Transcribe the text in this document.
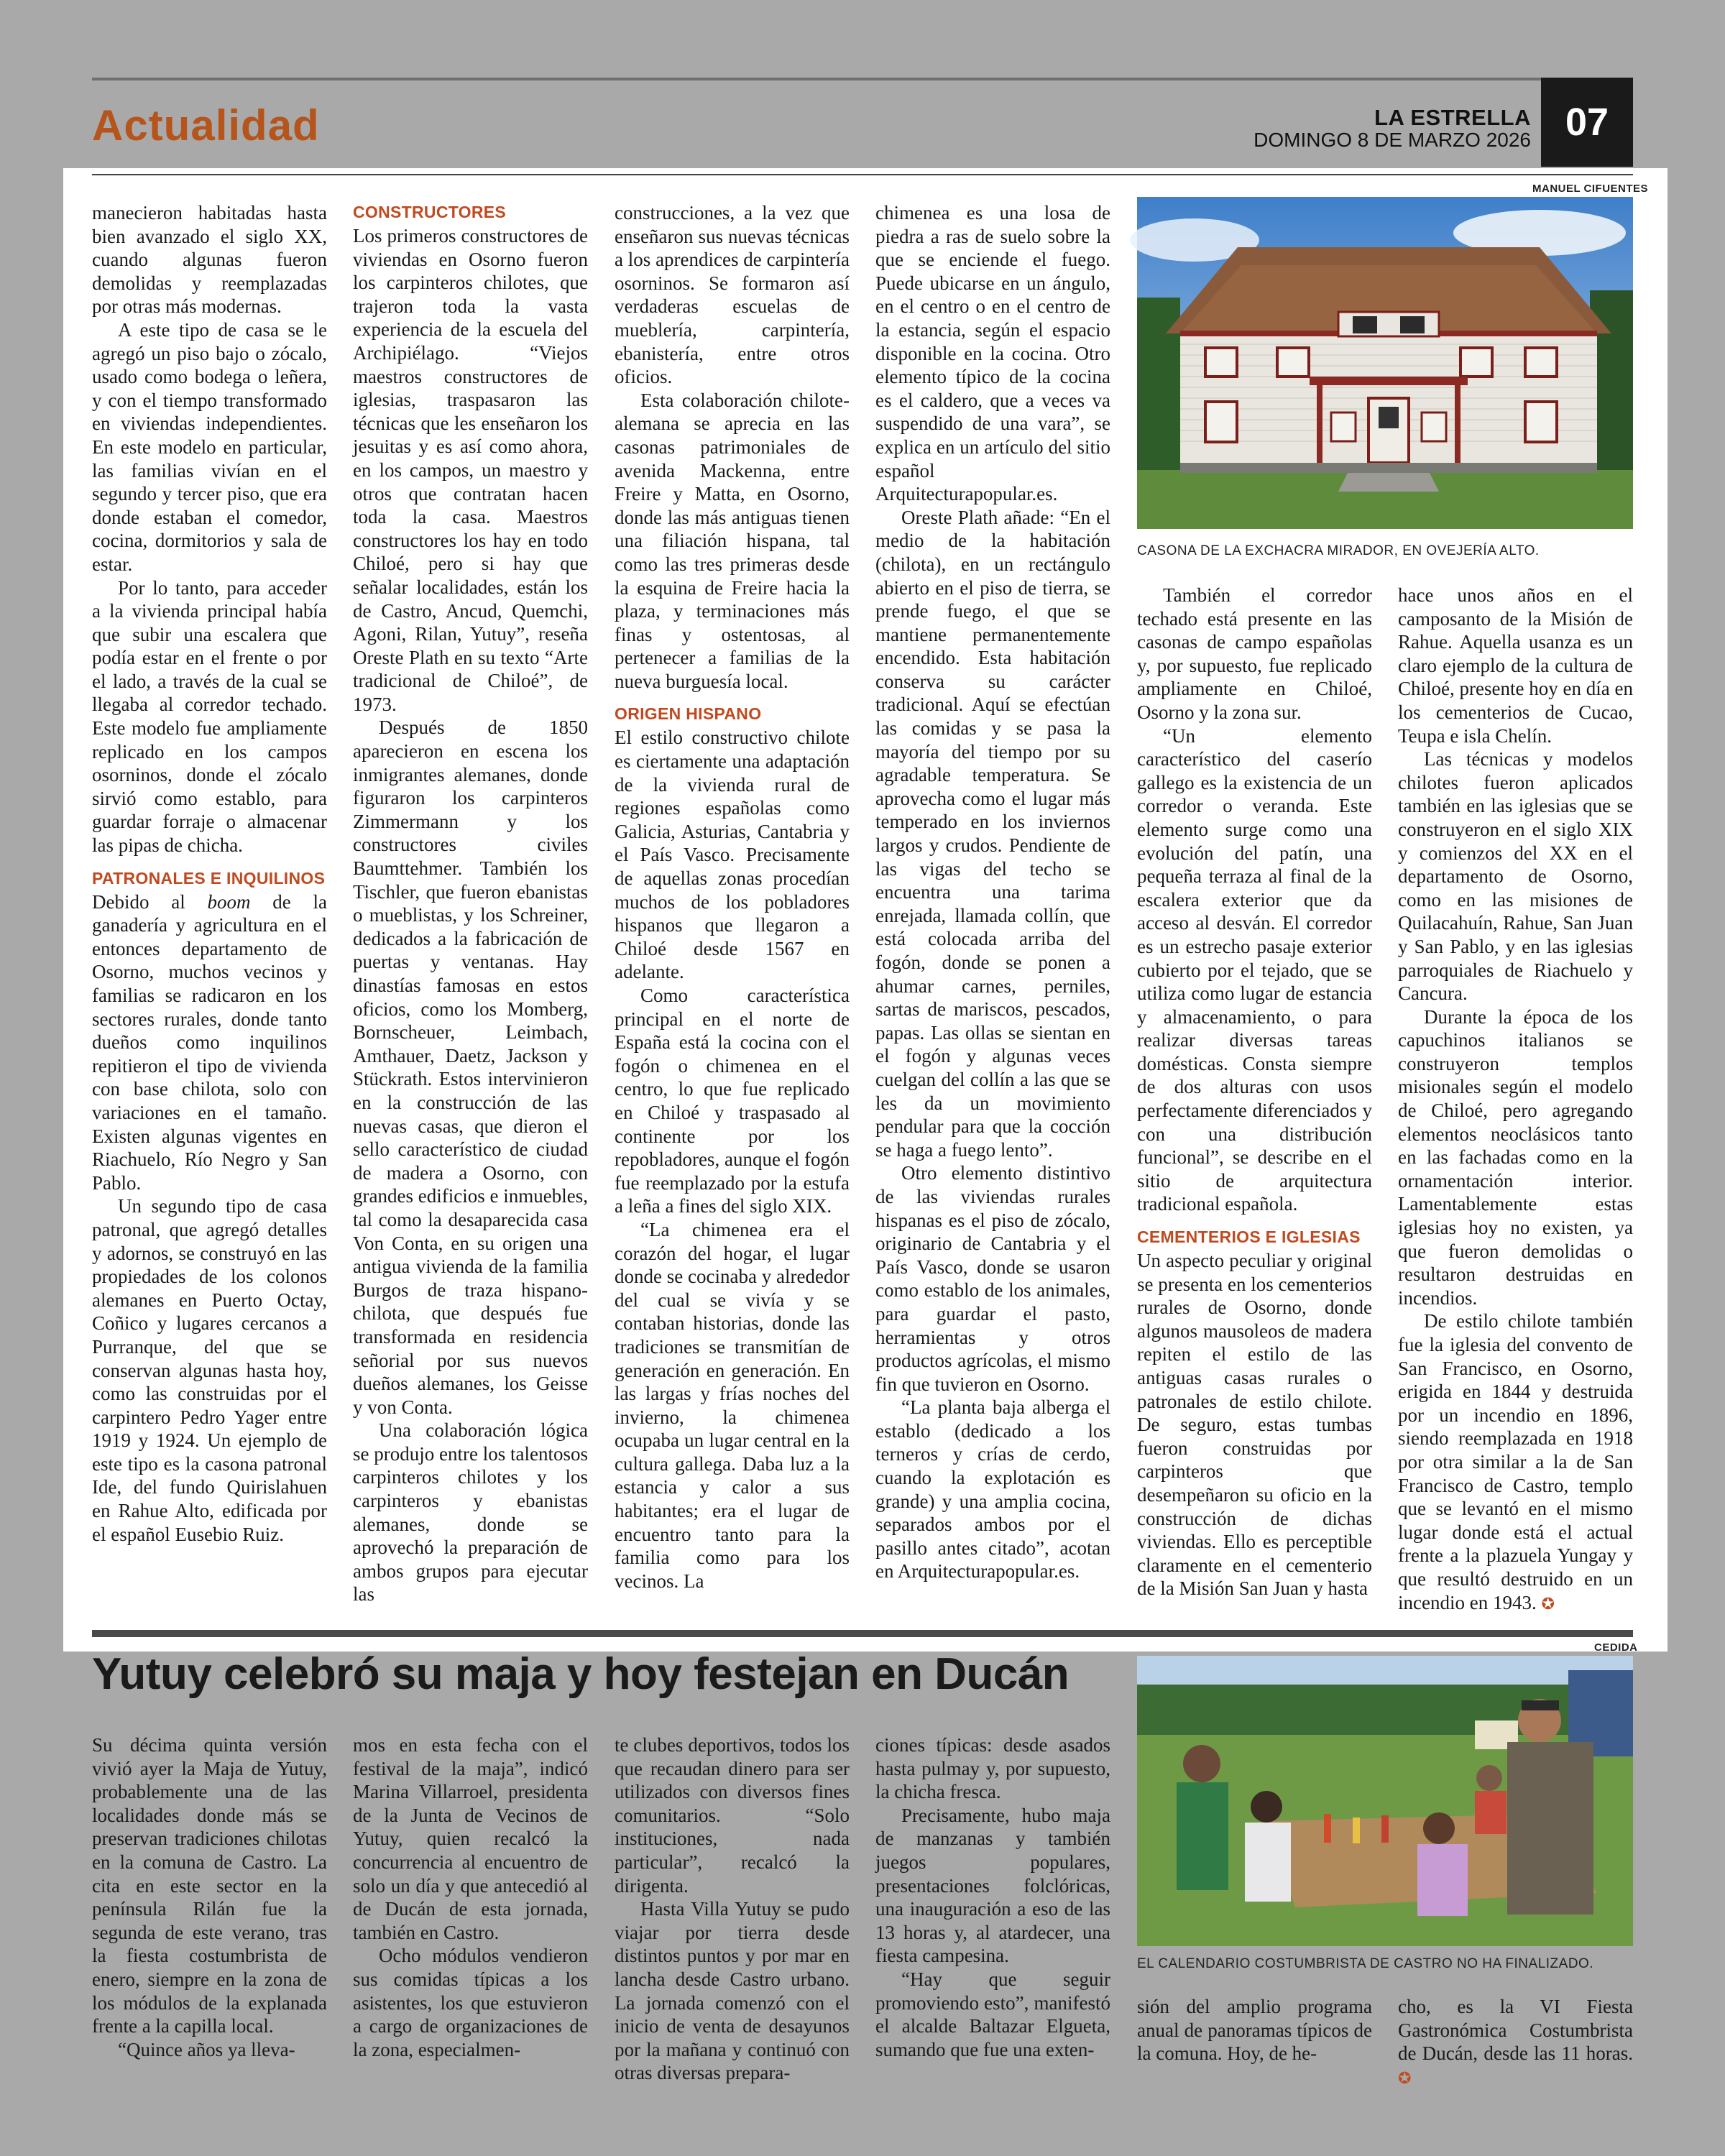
Actualidad	LA ESTRELLA
DOMINGO 8 DE MARZO 2026 07

manecieron habitadas hasta bien avanzado el siglo XX, cuando algunas fueron demolidas y reemplazadas por otras más modernas.

A este tipo de casa se le agregó un piso bajo o zócalo, usado como bodega o leñera, y con el tiempo transformado en viviendas independientes. En este modelo en particular, las familias vivían en el segundo y tercer piso, que era donde estaban el comedor, cocina, dormitorios y sala de estar.

Por lo tanto, para acceder a la vivienda principal había que subir una escalera que podía estar en el frente o por el lado, a través de la cual se llegaba al corredor techado. Este modelo fue ampliamente replicado en los campos osorninos, donde el zócalo sirvió como establo, para guardar forraje o almacenar las pipas de chicha.

PATRONALES E INQUILINOS

Debido al boom de la ganadería y agricultura en el entonces departamento de Osorno, muchos vecinos y familias se radicaron en los sectores rurales, donde tanto dueños como inquilinos repitieron el tipo de vivienda con base chilota, solo con variaciones en el tamaño. Existen algunas vigentes en Riachuelo, Río Negro y San Pablo.

Un segundo tipo de casa patronal, que agregó detalles y adornos, se construyó en las propiedades de los colonos alemanes en Puerto Octay, Coñico y lugares cercanos a Purranque, del que se conservan algunas hasta hoy, como las construidas por el carpintero Pedro Yager entre 1919 y 1924. Un ejemplo de este tipo es la casona patronal Ide, del fundo Quirislahuen en Rahue Alto, edificada por el español Eusebio Ruiz.

CONSTRUCTORES

Los primeros constructores de viviendas en Osorno fueron los carpinteros chilotes, que trajeron toda la vasta experiencia de la escuela del Archipiélago. “Viejos maestros constructores de iglesias, traspasaron las técnicas que les enseñaron los jesuitas y es así como ahora, en los campos, un maestro y otros que contratan hacen toda la casa. Maestros constructores los hay en todo Chiloé, pero si hay que señalar localidades, están los de Castro, Ancud, Quemchi, Agoni, Rilan, Yutuy”, reseña Oreste Plath en su texto “Arte tradicional de Chiloé”, de 1973.

Después de 1850 aparecieron en escena los inmigrantes alemanes, donde figuraron los carpinteros Zimmermann y los constructores civiles Baumttehmer. También los Tischler, que fueron ebanistas o mueblistas, y los Schreiner, dedicados a la fabricación de puertas y ventanas. Hay dinastías famosas en estos oficios, como los Momberg, Bornscheuer, Leimbach, Amthauer, Daetz, Jackson y Stückrath. Estos intervinieron en la construcción de las nuevas casas, que dieron el sello característico de ciudad de madera a Osorno, con grandes edificios e inmuebles, tal como la desaparecida casa Von Conta, en su origen una antigua vivienda de la familia Burgos de traza hispano-chilota, que después fue transformada en residencia señorial por sus nuevos dueños alemanes, los Geisse y von Conta.

Una colaboración lógica se produjo entre los talentosos carpinteros chilotes y los carpinteros y ebanistas alemanes, donde se aprovechó la preparación de ambos grupos para ejecutar las

construcciones, a la vez que enseñaron sus nuevas técnicas a los aprendices de carpintería osorninos. Se formaron así verdaderas escuelas de mueblería, carpintería, ebanistería, entre otros oficios.

Esta colaboración chilote-alemana se aprecia en las casonas patrimoniales de avenida Mackenna, entre Freire y Matta, en Osorno, donde las más antiguas tienen una filiación hispana, tal como las tres primeras desde la esquina de Freire hacia la plaza, y terminaciones más finas y ostentosas, al pertenecer a familias de la nueva burguesía local.

ORIGEN HISPANO

El estilo constructivo chilote es ciertamente una adaptación de la vivienda rural de regiones españolas como Galicia, Asturias, Cantabria y el País Vasco. Precisamente de aquellas zonas procedían muchos de los pobladores hispanos que llegaron a Chiloé desde 1567 en adelante.

Como característica principal en el norte de España está la cocina con el fogón o chimenea en el centro, lo que fue replicado en Chiloé y traspasado al continente por los repobladores, aunque el fogón fue reemplazado por la estufa a leña a fines del siglo XIX.

“La chimenea era el corazón del hogar, el lugar donde se cocinaba y alrededor del cual se vivía y se contaban historias, donde las tradiciones se transmitían de generación en generación. En las largas y frías noches del invierno, la chimenea ocupaba un lugar central en la cultura gallega. Daba luz a la estancia y calor a sus habitantes; era el lugar de encuentro tanto para la familia como para los vecinos. La

chimenea es una losa de piedra a ras de suelo sobre la que se enciende el fuego. Puede ubicarse en un ángulo, en el centro o en el centro de la estancia, según el espacio disponible en la cocina. Otro elemento típico de la cocina es el caldero, que a veces va suspendido de una vara”, se explica en un artículo del sitio español Arquitecturapopular.es.

Oreste Plath añade: “En el medio de la habitación (chilota), en un rectángulo abierto en el piso de tierra, se prende fuego, el que se mantiene permanentemente encendido. Esta habitación conserva su carácter tradicional. Aquí se efectúan las comidas y se pasa la mayoría del tiempo por su agradable temperatura. Se aprovecha como el lugar más temperado en los inviernos largos y crudos. Pendiente de las vigas del techo se encuentra una tarima enrejada, llamada collín, que está colocada arriba del fogón, donde se ponen a ahumar carnes, perniles, sartas de mariscos, pescados, papas. Las ollas se sientan en el fogón y algunas veces cuelgan del collín a las que se les da un movimiento pendular para que la cocción se haga a fuego lento”.

Otro elemento distintivo de las viviendas rurales hispanas es el piso de zócalo, originario de Cantabria y el País Vasco, donde se usaron como establo de los animales, para guardar el pasto, herramientas y otros productos agrícolas, el mismo fin que tuvieron en Osorno.

“La planta baja alberga el establo (dedicado a los terneros y crías de cerdo, cuando la explotación es grande) y una amplia cocina, separados ambos por el pasillo antes citado”, acotan en Arquitecturapopular.es.

MANUEL CIFUENTES
CASONA DE LA EXCHACRA MIRADOR, EN OVEJERÍA ALTO.

También el corredor techado está presente en las casonas de campo españolas y, por supuesto, fue replicado ampliamente en Chiloé, Osorno y la zona sur.

“Un elemento característico del caserío gallego es la existencia de un corredor o veranda. Este elemento surge como una evolución del patín, una pequeña terraza al final de la escalera exterior que da acceso al desván. El corredor es un estrecho pasaje exterior cubierto por el tejado, que se utiliza como lugar de estancia y almacenamiento, o para realizar diversas tareas domésticas. Consta siempre de dos alturas con usos perfectamente diferenciados y con una distribución funcional”, se describe en el sitio de arquitectura tradicional española.

CEMENTERIOS E IGLESIAS

Un aspecto peculiar y original se presenta en los cementerios rurales de Osorno, donde algunos mausoleos de madera repiten el estilo de las antiguas casas rurales o patronales de estilo chilote. De seguro, estas tumbas fueron construidas por carpinteros que desempeñaron su oficio en la construcción de dichas viviendas. Ello es perceptible claramente en el cementerio de la Misión San Juan y hasta

hace unos años en el camposanto de la Misión de Rahue. Aquella usanza es un claro ejemplo de la cultura de Chiloé, presente hoy en día en los cementerios de Cucao, Teupa e isla Chelín.

Las técnicas y modelos chilotes fueron aplicados también en las iglesias que se construyeron en el siglo XIX y comienzos del XX en el departamento de Osorno, como en las misiones de Quilacahuín, Rahue, San Juan y San Pablo, y en las iglesias parroquiales de Riachuelo y Cancura.

Durante la época de los capuchinos italianos se construyeron templos misionales según el modelo de Chiloé, pero agregando elementos neoclásicos tanto en las fachadas como en la ornamentación interior. Lamentablemente estas iglesias hoy no existen, ya que fueron demolidas o resultaron destruidas en incendios.

De estilo chilote también fue la iglesia del convento de San Francisco, en Osorno, erigida en 1844 y destruida por un incendio en 1896, siendo reemplazada en 1918 por otra similar a la de San Francisco de Castro, templo que se levantó en el mismo lugar donde está el actual frente a la plazuela Yungay y que resultó destruido en un incendio en 1943. ✪

Yutuy celebró su maja y hoy festejan en Ducán
CEDIDA
EL CALENDARIO COSTUMBRISTA DE CASTRO NO HA FINALIZADO.

Su décima quinta versión vivió ayer la Maja de Yutuy, probablemente una de las localidades donde más se preservan tradiciones chilotas en la comuna de Castro. La cita en este sector en la península Rilán fue la segunda de este verano, tras la fiesta costumbrista de enero, siempre en la zona de los módulos de la explanada frente a la capilla local.

“Quince años ya lleva-

mos en esta fecha con el festival de la maja”, indicó Marina Villarroel, presidenta de la Junta de Vecinos de Yutuy, quien recalcó la concurrencia al encuentro de solo un día y que antecedió al de Ducán de esta jornada, también en Castro.

Ocho módulos vendieron sus comidas típicas a los asistentes, los que estuvieron a cargo de organizaciones de la zona, especialmen-

te clubes deportivos, todos los que recaudan dinero para ser utilizados con diversos fines comunitarios. “Solo instituciones, nada particular”, recalcó la dirigenta.

Hasta Villa Yutuy se pudo viajar por tierra desde distintos puntos y por mar en lancha desde Castro urbano. La jornada comenzó con el inicio de venta de desayunos por la mañana y continuó con otras diversas prepara-

ciones típicas: desde asados hasta pulmay y, por supuesto, la chicha fresca.

Precisamente, hubo maja de manzanas y también juegos populares, presentaciones folclóricas, una inauguración a eso de las 13 horas y, al atardecer, una fiesta campesina.

“Hay que seguir promoviendo esto”, manifestó el alcalde Baltazar Elgueta, sumando que fue una exten-

sión del amplio programa anual de panoramas típicos de la comuna. Hoy, de he-

cho, es la VI Fiesta Gastronómica Costumbrista de Ducán, desde las 11 horas. ✪
